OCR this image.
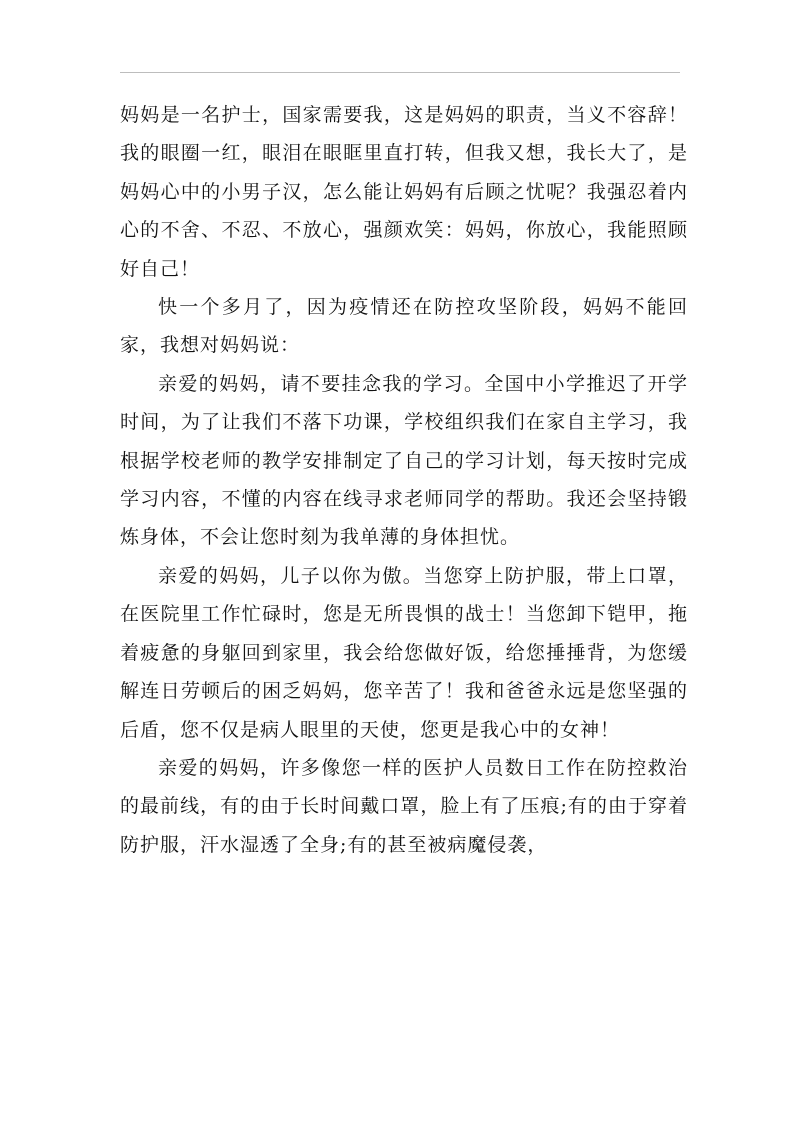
妈妈是一名护士，国家需要我，这是妈妈的职责，当义不容辞！我的眼圈一红，眼泪在眼眶里直打转，但我又想，我长大了，是妈妈心中的小男子汉，怎么能让妈妈有后顾之忧呢？我强忍着内心的不舍、不忍、不放心，强颜欢笑：妈妈，你放心，我能照顾好自己！

快一个多月了，因为疫情还在防控攻坚阶段，妈妈不能回家，我想对妈妈说：

亲爱的妈妈，请不要挂念我的学习。全国中小学推迟了开学时间，为了让我们不落下功课，学校组织我们在家自主学习，我根据学校老师的教学安排制定了自己的学习计划，每天按时完成学习内容，不懂的内容在线寻求老师同学的帮助。我还会坚持锻炼身体，不会让您时刻为我单薄的身体担忧。

亲爱的妈妈，儿子以你为傲。当您穿上防护服，带上口罩，在医院里工作忙碌时，您是无所畏惧的战士！当您卸下铠甲，拖着疲惫的身躯回到家里，我会给您做好饭，给您捶捶背，为您缓解连日劳顿后的困乏妈妈，您辛苦了！我和爸爸永远是您坚强的后盾，您不仅是病人眼里的天使，您更是我心中的女神！

亲爱的妈妈，许多像您一样的医护人员数日工作在防控救治的最前线，有的由于长时间戴口罩，脸上有了压痕;有的由于穿着防护服，汗水湿透了全身;有的甚至被病魔侵袭，
